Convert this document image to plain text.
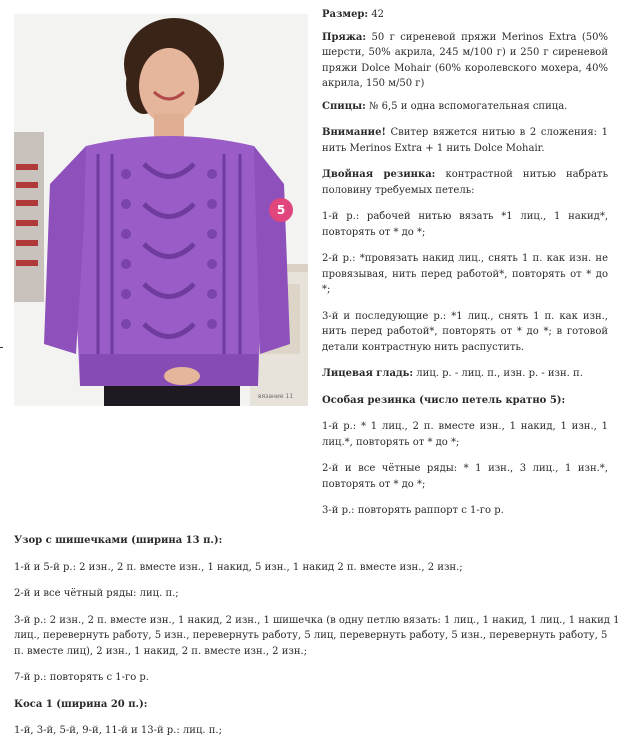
5
вязание 11

Размер: 42

Пряжа: 50 г сиреневой пряжи Merinos Extra (50% шерсти, 50% акрила, 245 м/100 г) и 250 г сиреневой пряжи Dolce Mohair (60% королевского мохера, 40% акрила, 150 м/50 г)

Спицы: № 6,5 и одна вспомогательная спица.

Внимание! Свитер вяжется нитью в 2 сложения: 1 нить Merinos Extra + 1 нить Dolce Mohair.

Двойная резинка: контрастной нитью набрать половину требуемых петель:

1-й р.: рабочей нитью вязать *1 лиц., 1 накид*, повторять от * до *;

2-й р.: *провязать накид лиц., снять 1 п. как изн. не провязывая, нить перед работой*, повторять от * до *;

3-й и последующие р.: *1 лиц., снять 1 п. как изн., нить перед работой*, повторять от * до *; в готовой детали контрастную нить распустить.

Лицевая гладь: лиц. р. - лиц. п., изн. р. - изн. п.

Особая резинка (число петель кратно 5):

1-й р.: * 1 лиц., 2 п. вместе изн., 1 накид, 1 изн., 1 лиц.*, повторять от * до *;

2-й и все чётные ряды: * 1 изн., 3 лиц., 1 изн.*, повторять от * до *;

3-й р.: повторять раппорт с 1-го р.

Узор с шишечками (ширина 13 п.):

1-й и 5-й р.: 2 изн., 2 п. вместе изн., 1 накид, 5 изн., 1 накид 2 п. вместе изн., 2 изн.;

2-й и все чётный ряды: лиц. п.;

3-й р.: 2 изн., 2 п. вместе изн., 1 накид, 2 изн., 1 шишечка (в одну петлю вязать: 1 лиц., 1 накид, 1 лиц., 1 накид 1 лиц., перевернуть работу, 5 изн., перевернуть работу, 5 лиц, перевернуть работу, 5 изн., перевернуть работу, 5 п. вместе лиц), 2 изн., 1 накид, 2 п. вместе изн., 2 изн.;

7-й р.: повторять с 1-го р.

Коса 1 (ширина 20 п.):

1-й, 3-й, 5-й, 9-й, 11-й и 13-й р.: лиц. п.;
